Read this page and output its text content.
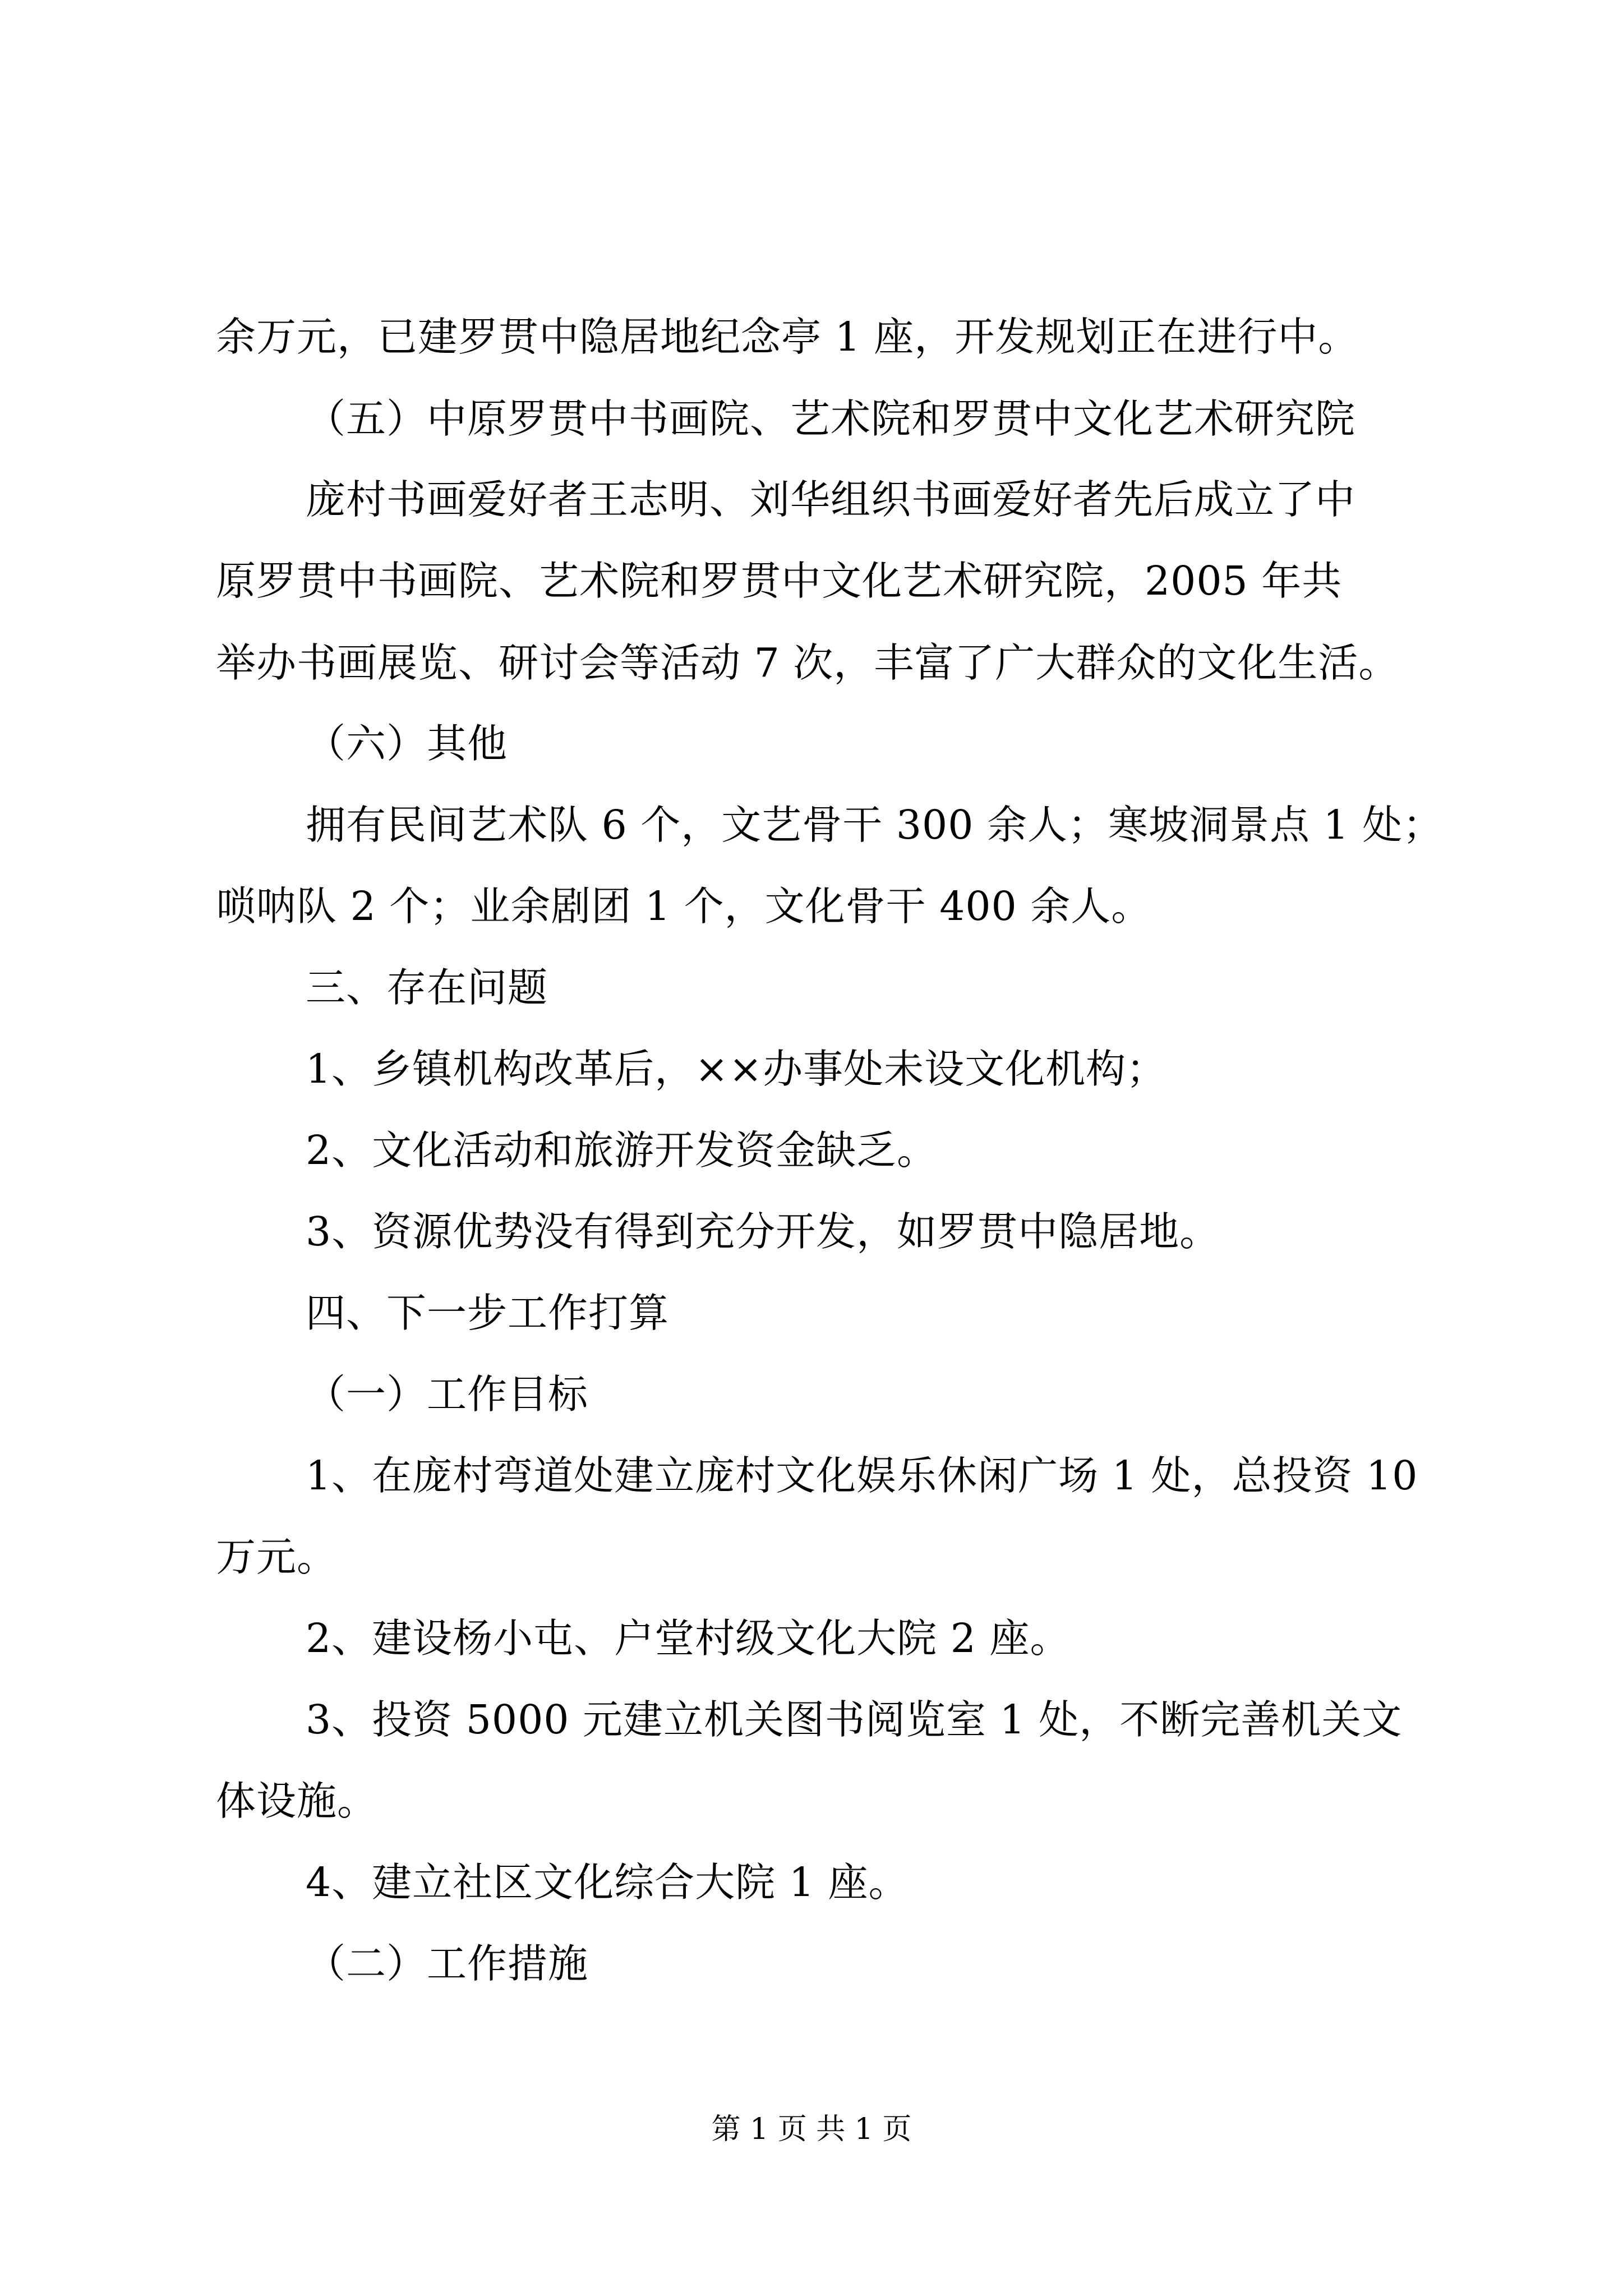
余万元，已建罗贯中隐居地纪念亭 1 座，开发规划正在进行中。
（五）中原罗贯中书画院、艺术院和罗贯中文化艺术研究院
庞村书画爱好者王志明、刘华组织书画爱好者先后成立了中
原罗贯中书画院、艺术院和罗贯中文化艺术研究院，2005 年共
举办书画展览、研讨会等活动 7 次，丰富了广大群众的文化生活。
（六）其他
拥有民间艺术队 6 个，文艺骨干 300 余人；寒坡洞景点 1 处；
唢呐队 2 个；业余剧团 1 个，文化骨干 400 余人。
三、存在问题
1、乡镇机构改革后，××办事处未设文化机构；
2、文化活动和旅游开发资金缺乏。
3、资源优势没有得到充分开发，如罗贯中隐居地。
四、下一步工作打算
（一）工作目标
1、在庞村弯道处建立庞村文化娱乐休闲广场 1 处，总投资 10
万元。
2、建设杨小屯、户堂村级文化大院 2 座。
3、投资 5000 元建立机关图书阅览室 1 处，不断完善机关文
体设施。
4、建立社区文化综合大院 1 座。
（二）工作措施
第 1 页 共 1 页
